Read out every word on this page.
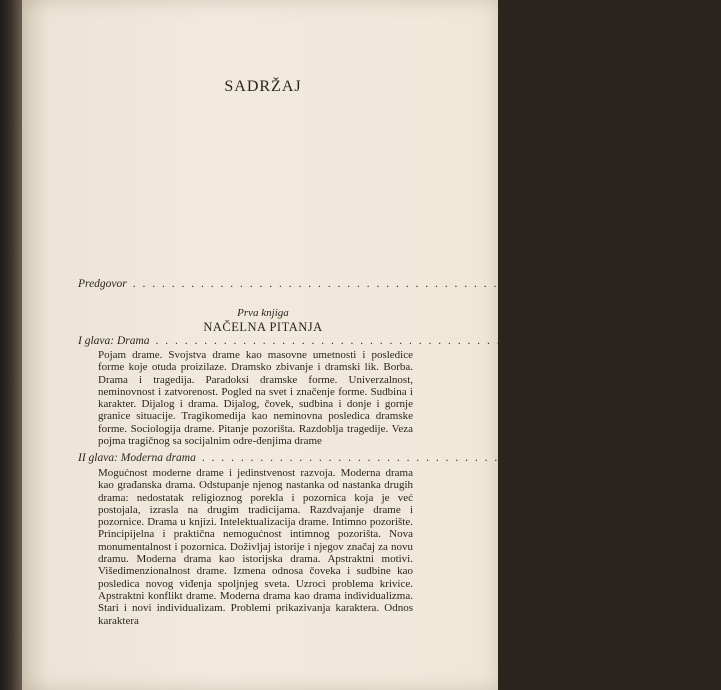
SADRŽAJ
Predgovor . . . . . . . . . . . . . . . . . . . . . . . . . . . . . . . . . . . . . . . . . . . . . . . . . . . . 11
Prva knjiga
NAČELNA PITANJA
I glava: Drama . . . . . . . . . . . . . . . . . . . . . . . . . . . . . . . . . . . . . . . . . . . . . . . . . . . . 23
Pojam drame. Svojstva drame kao masovne umetnosti i posledice forme koje otuda proizilaze. Dramsko zbivanje i dramski lik. Borba. Drama i tragedija. Paradoksi dramske forme. Univerzalnost, neminovnost i zatvorenost. Pogled na svet i značenje forme. Sudbina i karakter. Dijalog i drama. Dijalog, čovek, sudbina i donje i gornje granice situacije. Tragikomedija kao neminovna posledica dramske forme. Sociologija drame. Pitanje pozorišta. Razdoblja tragedije. Veza pojma tragičnog sa socijalnim odre-đenjima drame
II glava: Moderna drama . . . . . . . . . . . . . . . . . . . . . . . . . . . . . . . . . . . . . . . . . . . . . . . . . . . . 55
Mogućnost moderne drame i jedinstvenost razvoja. Moderna drama kao građanska drama. Odstupanje njenog nastanka od nastanka drugih drama: nedostatak religioznog porekla i pozornica koja je već postojala, izrasla na drugim tradicijama. Razdvajanje drame i pozornice. Drama u knjizi. Intelektualizacija drame. Intimno pozorište. Principijelna i praktična nemogućnost intimnog pozorišta. Nova monumentalnost i pozornica. Doživljaj istorije i njegov značaj za novu dramu. Moderna drama kao istorijska drama. Apstraktni motivi. Višedimenzionalnost drame. Izmena odnosa čoveka i sudbine kao posledica novog viđenja spoljnjeg sveta. Uzroci problema krivice. Apstraktni konflikt drame. Moderna drama kao drama individualizma. Stari i novi individualizam. Problemi prikazivanja karaktera. Odnos karaktera
